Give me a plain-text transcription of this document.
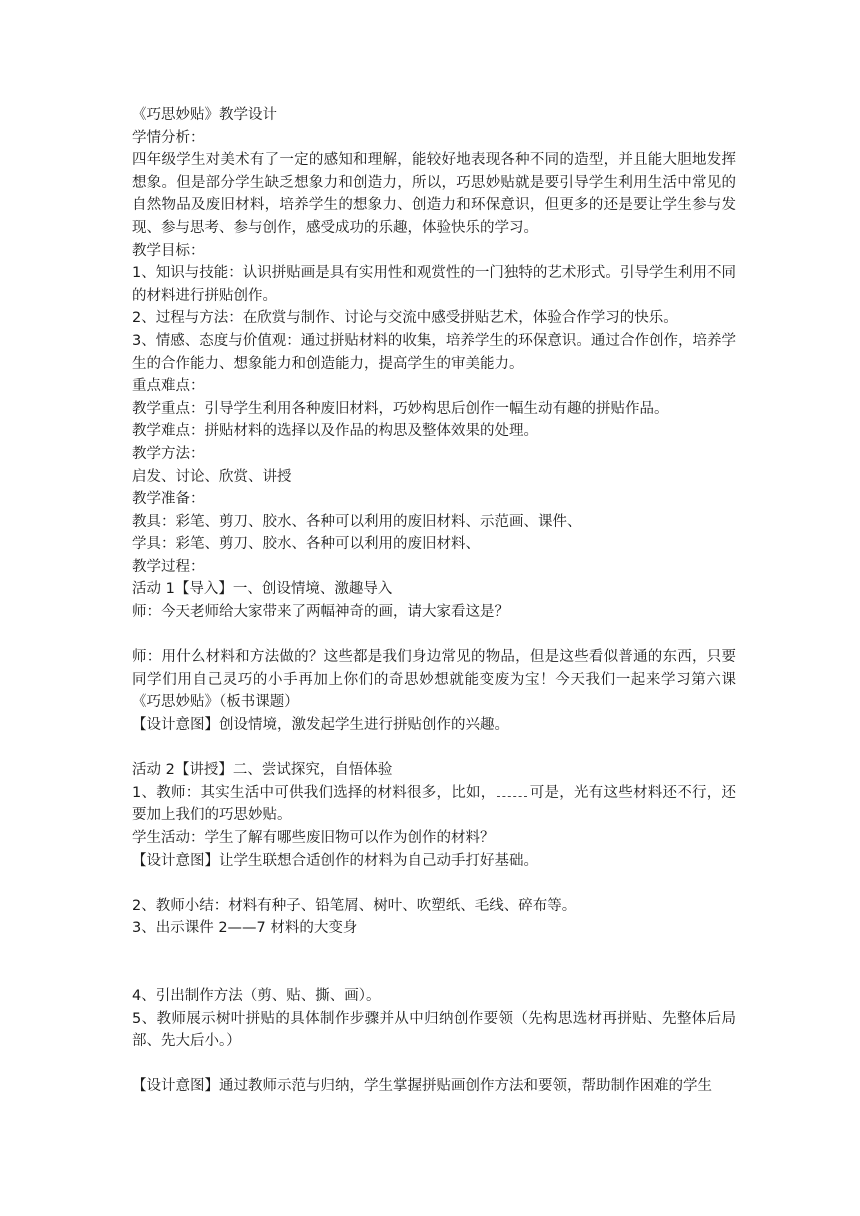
《巧思妙贴》教学设计

学情分析：

四年级学生对美术有了一定的感知和理解，能较好地表现各种不同的造型，并且能大胆地发挥想象。但是部分学生缺乏想象力和创造力，所以，巧思妙贴就是要引导学生利用生活中常见的自然物品及废旧材料，培养学生的想象力、创造力和环保意识，但更多的还是要让学生参与发现、参与思考、参与创作，感受成功的乐趣，体验快乐的学习。

教学目标：

1、知识与技能：认识拼贴画是具有实用性和观赏性的一门独特的艺术形式。引导学生利用不同的材料进行拼贴创作。

2、过程与方法：在欣赏与制作、讨论与交流中感受拼贴艺术，体验合作学习的快乐。

3、情感、态度与价值观：通过拼贴材料的收集，培养学生的环保意识。通过合作创作，培养学生的合作能力、想象能力和创造能力，提高学生的审美能力。

重点难点：

教学重点：引导学生利用各种废旧材料，巧妙构思后创作一幅生动有趣的拼贴作品。

教学难点：拼贴材料的选择以及作品的构思及整体效果的处理。

教学方法：

启发、讨论、欣赏、讲授

教学准备：

教具：彩笔、剪刀、胶水、各种可以利用的废旧材料、示范画、课件、

学具：彩笔、剪刀、胶水、各种可以利用的废旧材料、

教学过程：

活动 1【导入】一、创设情境、激趣导入

师：今天老师给大家带来了两幅神奇的画，请大家看这是？

师：用什么材料和方法做的？这些都是我们身边常见的物品，但是这些看似普通的东西，只要同学们用自己灵巧的小手再加上你们的奇思妙想就能变废为宝！今天我们一起来学习第六课《巧思妙贴》（板书课题）

【设计意图】创设情境，激发起学生进行拼贴创作的兴趣。

活动 2【讲授】二、尝试探究，自悟体验

1、教师：其实生活中可供我们选择的材料很多，比如， 可是，光有这些材料还不行，还要加上我们的巧思妙贴。

学生活动：学生了解有哪些废旧物可以作为创作的材料？

【设计意图】让学生联想合适创作的材料为自己动手打好基础。

2、教师小结：材料有种子、铅笔屑、树叶、吹塑纸、毛线、碎布等。

3、出示课件 2——7 材料的大变身

4、引出制作方法（剪、贴、撕、画）。

5、教师展示树叶拼贴的具体制作步骤并从中归纳创作要领（先构思选材再拼贴、先整体后局部、先大后小。）

【设计意图】通过教师示范与归纳，学生掌握拼贴画创作方法和要领，帮助制作困难的学生
